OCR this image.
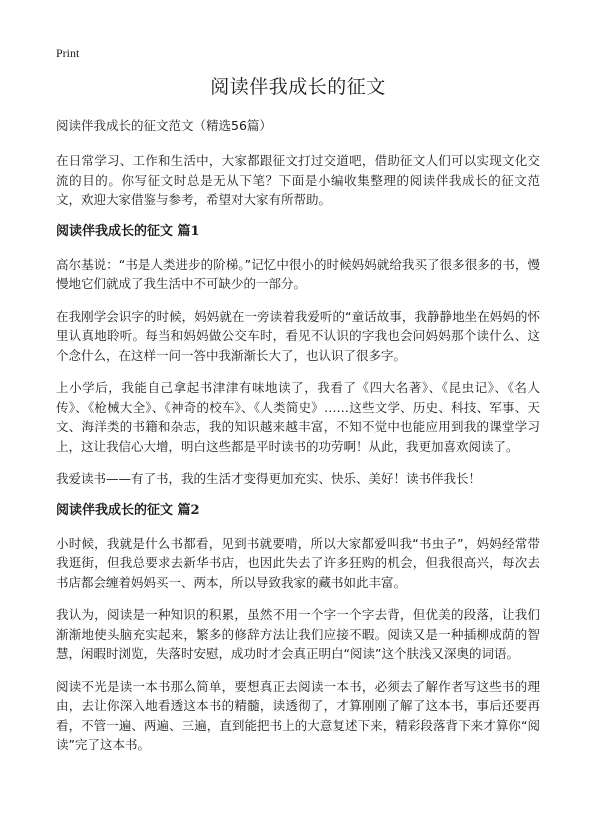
Print
阅读伴我成长的征文
阅读伴我成长的征文范文（精选56篇）

在日常学习、工作和生活中，大家都跟征文打过交道吧，借助征文人们可以实现文化交流的目的。你写征文时总是无从下笔？下面是小编收集整理的阅读伴我成长的征文范文，欢迎大家借鉴与参考，希望对大家有所帮助。

阅读伴我成长的征文 篇1

高尔基说：“书是人类进步的阶梯。”记忆中很小的时候妈妈就给我买了很多很多的书，慢慢地它们就成了我生活中不可缺少的一部分。

在我刚学会识字的时候，妈妈就在一旁读着我爱听的“童话故事，我静静地坐在妈妈的怀里认真地聆听。每当和妈妈做公交车时，看见不认识的字我也会问妈妈那个读什么、这个念什么，在这样一问一答中我渐渐长大了，也认识了很多字。

上小学后，我能自己拿起书津津有味地读了，我看了《四大名著》、《昆虫记》、《名人传》、《枪械大全》、《神奇的校车》、《人类简史》……这些文学、历史、科技、军事、天文、海洋类的书籍和杂志，我的知识越来越丰富，不知不觉中也能应用到我的课堂学习上，这让我信心大增，明白这些都是平时读书的功劳啊！从此，我更加喜欢阅读了。

我爱读书——有了书，我的生活才变得更加充实、快乐、美好！读书伴我长！

阅读伴我成长的征文 篇2

小时候，我就是什么书都看，见到书就要啃，所以大家都爱叫我“书虫子”，妈妈经常带我逛街，但我总要求去新华书店，也因此失去了许多狂购的机会，但我很高兴，每次去书店都会缠着妈妈买一、两本，所以导致我家的藏书如此丰富。

我认为，阅读是一种知识的积累，虽然不用一个字一个字去背，但优美的段落，让我们渐渐地使头脑充实起来，繁多的修辞方法让我们应接不暇。阅读又是一种插柳成荫的智慧，闲暇时浏览，失落时安慰，成功时才会真正明白“阅读”这个肤浅又深奥的词语。

阅读不光是读一本书那么简单，要想真正去阅读一本书，必须去了解作者写这些书的理由，去让你深入地看透这本书的精髓，读透彻了，才算刚刚了解了这本书，事后还要再看，不管一遍、两遍、三遍，直到能把书上的大意复述下来，精彩段落背下来才算你“阅读”完了这本书。
